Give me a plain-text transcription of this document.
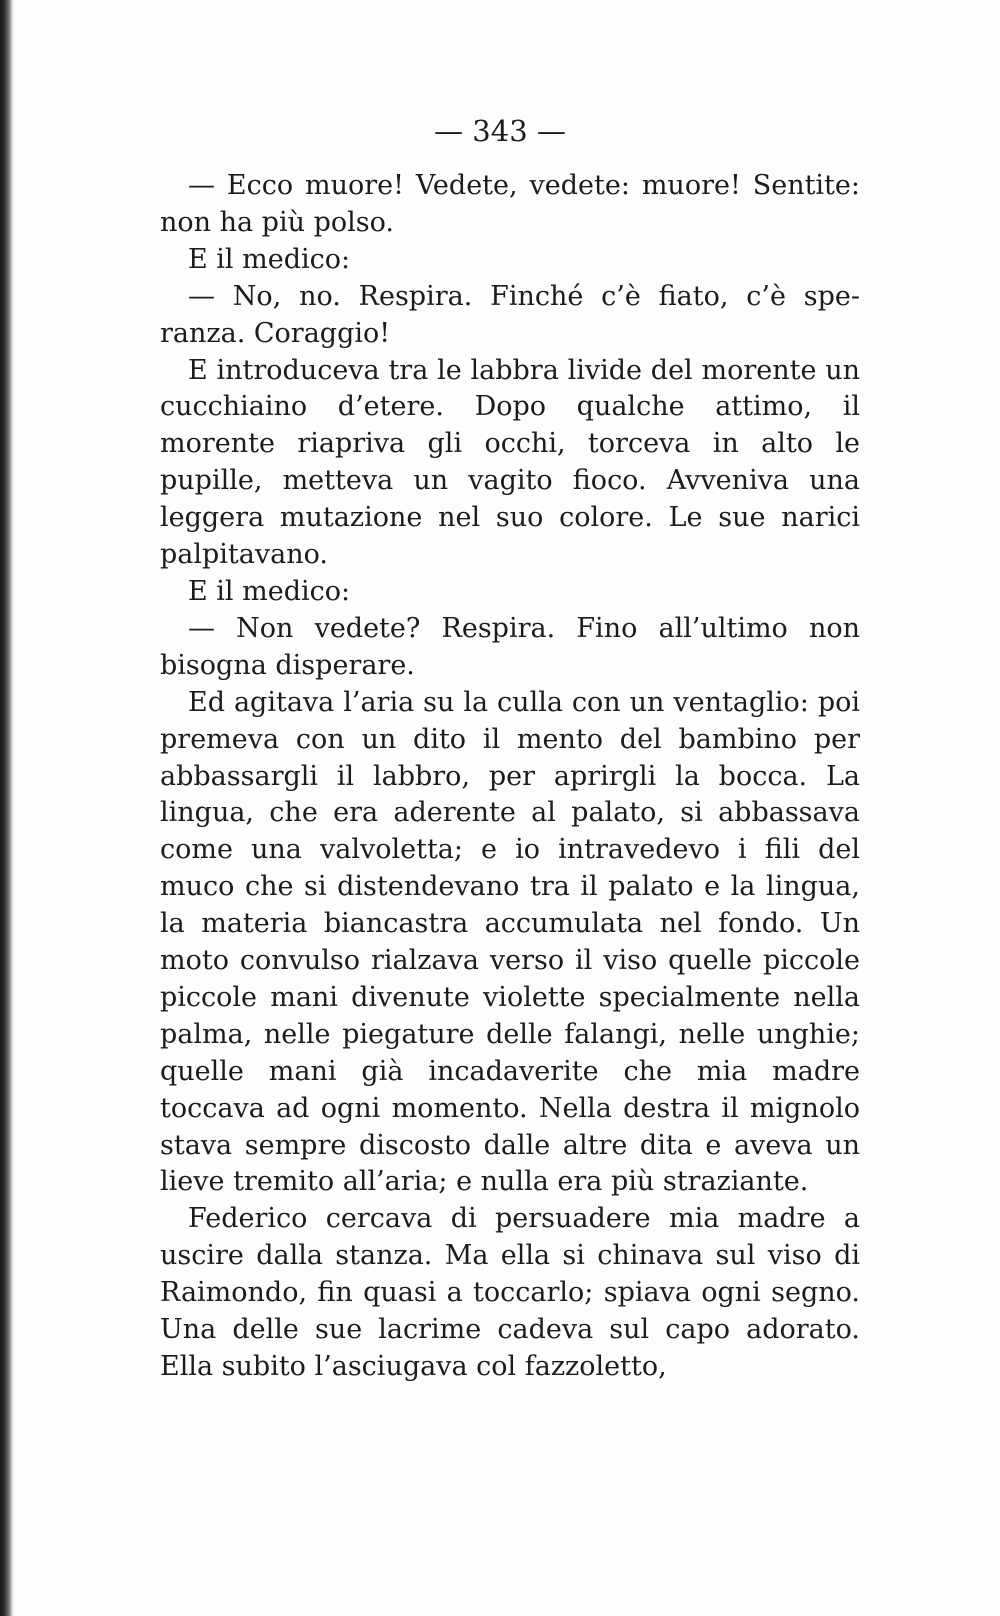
— 343 —

— Ecco muore! Vedete, vedete: muore! Sentite: non ha più polso.

E il medico:

— No, no. Respira. Finché c’è fiato, c’è speranza. Coraggio!

E introduceva tra le labbra livide del morente un cucchiaino d’etere. Dopo qualche attimo, il morente riapriva gli occhi, torceva in alto le pupille, metteva un vagito fioco. Avveniva una leggera mutazione nel suo colore. Le sue narici palpitavano.

E il medico:

— Non vedete? Respira. Fino all’ultimo non bisogna disperare.

Ed agitava l’aria su la culla con un ventaglio: poi premeva con un dito il mento del bambino per abbassargli il labbro, per aprirgli la bocca. La lingua, che era aderente al palato, si abbassava come una valvoletta; e io intravedevo i fili del muco che si distendevano tra il palato e la lingua, la materia biancastra accumulata nel fondo. Un moto convulso rialzava verso il viso quelle piccole piccole mani divenute violette specialmente nella palma, nelle piegature delle falangi, nelle unghie; quelle mani già incadaverite che mia madre toccava ad ogni momento. Nella destra il mignolo stava sempre discosto dalle altre dita e aveva un lieve tremito all’aria; e nulla era più straziante.

Federico cercava di persuadere mia madre a uscire dalla stanza. Ma ella si chinava sul viso di Raimondo, fin quasi a toccarlo; spiava ogni segno. Una delle sue lacrime cadeva sul capo adorato. Ella subito l’asciugava col fazzoletto,
